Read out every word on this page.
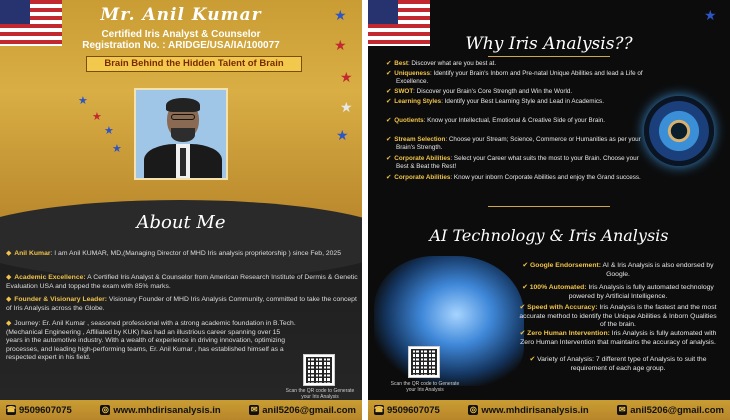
★
★
★
★
★
★
★
★
★
Mr. Anil Kumar
Certified Iris Analyst & Counselor
Registration No. : ARIDGE/USA/IA/100077
Brain Behind the Hidden Talent of Brain
About Me
◆ Anil Kumar: I am Anil KUMAR, MD,(Managing Director of MHD Iris analysis proprietorship ) since Feb, 2025
◆ Academic Excellence: A Certified Iris Analyst & Counselor from American Research Institute of Dermis & Genetic Evaluation USA and topped the exam with 85% marks.
◆ Founder & Visionary Leader: Visionary Founder of MHD Iris Analysis Community, committed to take the concept of Iris Analysis across the Globe.
◆ Journey: Er. Anil Kumar , seasoned professional with a strong academic foundation in B.Tech. (Mechanical Engineering , Affiliated by KUK) has had an illustrious career spanning over 15 years in the automotive industry. With a wealth of experience in driving innovation, optimizing processes, and leading high-performing teams, Er. Anil Kumar , has established himself as a respected expert in his field.
Scan the QR code to Generate your Iris Analysis
☎ 9509607075	◎ www.mhdirisanalysis.in	✉ anil5206@gmail.com
★
Why Iris Analysis??
✔ Best: Discover what are you best at.
✔ Uniqueness: Identify your Brain's Inborn and Pre-natal Unique Abilities and lead a Life of Excellence.
✔ SWOT: Discover your Brain's Core Strength and Win the World.
✔ Learning Styles: Identify your Best Learning Style and Lead in Academics.
✔ Quotients: Know your Intellectual, Emotional & Creative Side of your Brain.
✔ Stream Selection: Choose your Stream; Science, Commerce or Humanities as per your Brain's Strength.
✔ Corporate Abilities: Select your Career what suits the most to your Brain. Choose your Best & Beat the Rest!
✔ Corporate Abilities: Know your inborn Corporate Abilities and enjoy the Grand success.
AI Technology & Iris Analysis
✔ Google Endorsement: AI & Iris Analysis is also endorsed by Google.
✔ 100% Automated: Iris Analysis is fully automated technology powered by Artificial Intelligence.
✔ Speed with Accuracy: Iris Analysis is the fastest and the most accurate method to identify the Unique Abilities & Inborn Qualities of the brain.
✔ Zero Human Intervention: Iris Analysis is fully automated with Zero Human Intervention that maintains the accuracy of analysis.
✔ Variety of Analysis: 7 different type of Analysis to suit the requirement of each age group.
Scan the QR code to Generate your Iris Analysis
☎ 9509607075	◎ www.mhdirisanalysis.in	✉ anil5206@gmail.com
